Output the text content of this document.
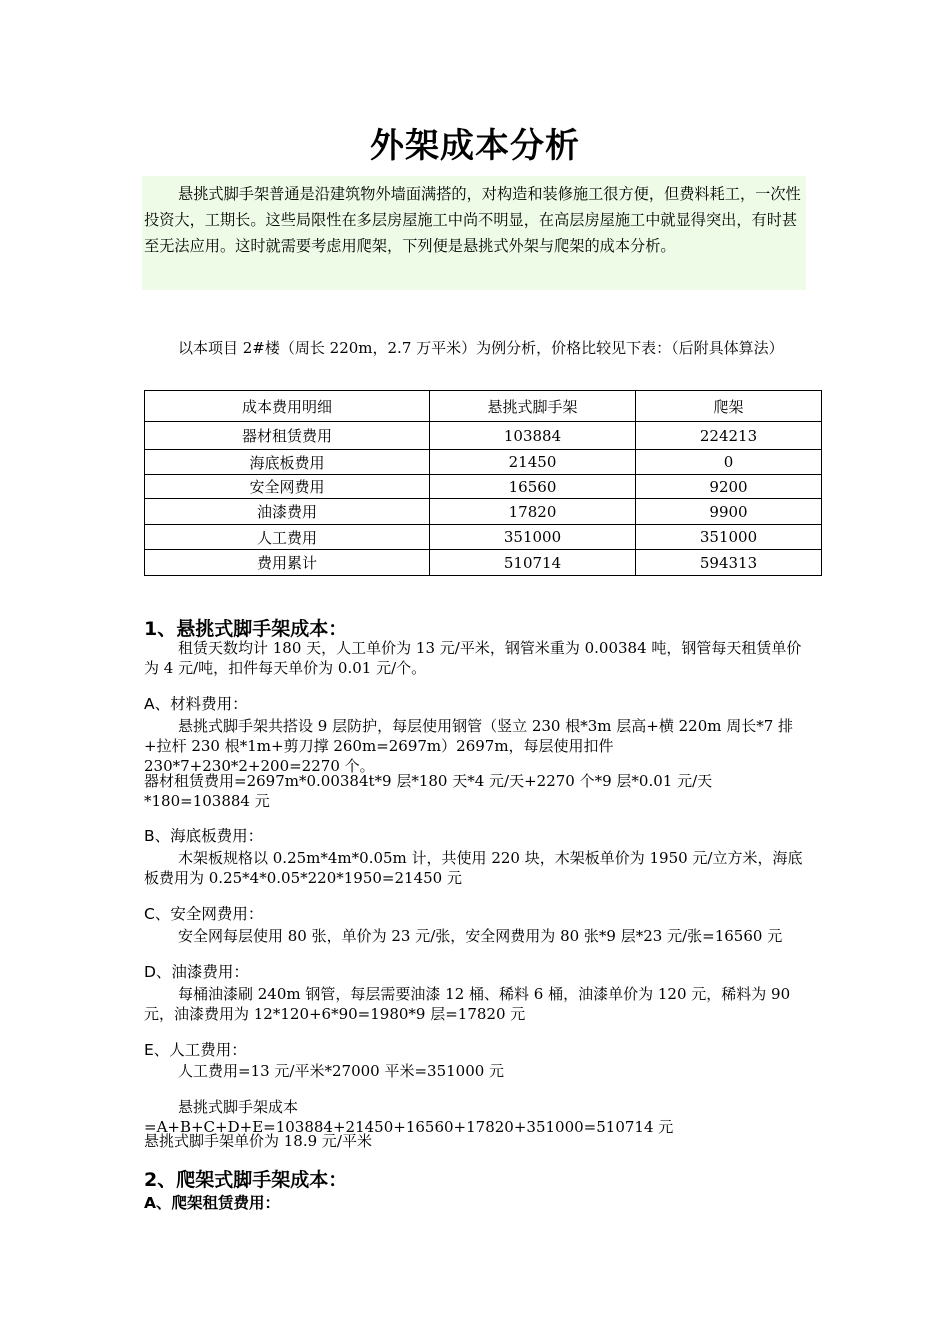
外架成本分析
悬挑式脚手架普通是沿建筑物外墙面满搭的，对构造和装修施工很方便，但费料耗工，一次性投资大，工期长。这些局限性在多层房屋施工中尚不明显，在高层房屋施工中就显得突出，有时甚至无法应用。这时就需要考虑用爬架，下列便是悬挑式外架与爬架的成本分析。
以本项目 2#楼（周长 220m，2.7 万平米）为例分析，价格比较见下表：（后附具体算法）
成本费用明细	悬挑式脚手架	爬架
器材租赁费用	103884	224213
海底板费用	21450	0
安全网费用	16560	9200
油漆费用	17820	9900
人工费用	351000	351000
费用累计	510714	594313
1、悬挑式脚手架成本：
租赁天数均计 180 天，人工单价为 13 元/平米，钢管米重为 0.00384 吨，钢管每天租赁单价为 4 元/吨，扣件每天单价为 0.01 元/个。
A、材料费用：
悬挑式脚手架共搭设 9 层防护，每层使用钢管（竖立 230 根*3m 层高+横 220m 周长*7 排+拉杆 230 根*1m+剪刀撑 260m=2697m）2697m，每层使用扣件 230*7+230*2+200=2270 个。
器材租赁费用=2697m*0.00384t*9 层*180 天*4 元/天+2270 个*9 层*0.01 元/天*180=103884 元
B、海底板费用：
木架板规格以 0.25m*4m*0.05m 计，共使用 220 块，木架板单价为 1950 元/立方米，海底板费用为 0.25*4*0.05*220*1950=21450 元
C、安全网费用：
安全网每层使用 80 张，单价为 23 元/张，安全网费用为 80 张*9 层*23 元/张=16560 元
D、油漆费用：
每桶油漆刷 240m 钢管，每层需要油漆 12 桶、稀料 6 桶，油漆单价为 120 元，稀料为 90 元，油漆费用为 12*120+6*90=1980*9 层=17820 元
E、人工费用：
人工费用=13 元/平米*27000 平米=351000 元
悬挑式脚手架成本=A+B+C+D+E=103884+21450+16560+17820+351000=510714 元
悬挑式脚手架单价为 18.9 元/平米
2、爬架式脚手架成本：
A、爬架租赁费用：
